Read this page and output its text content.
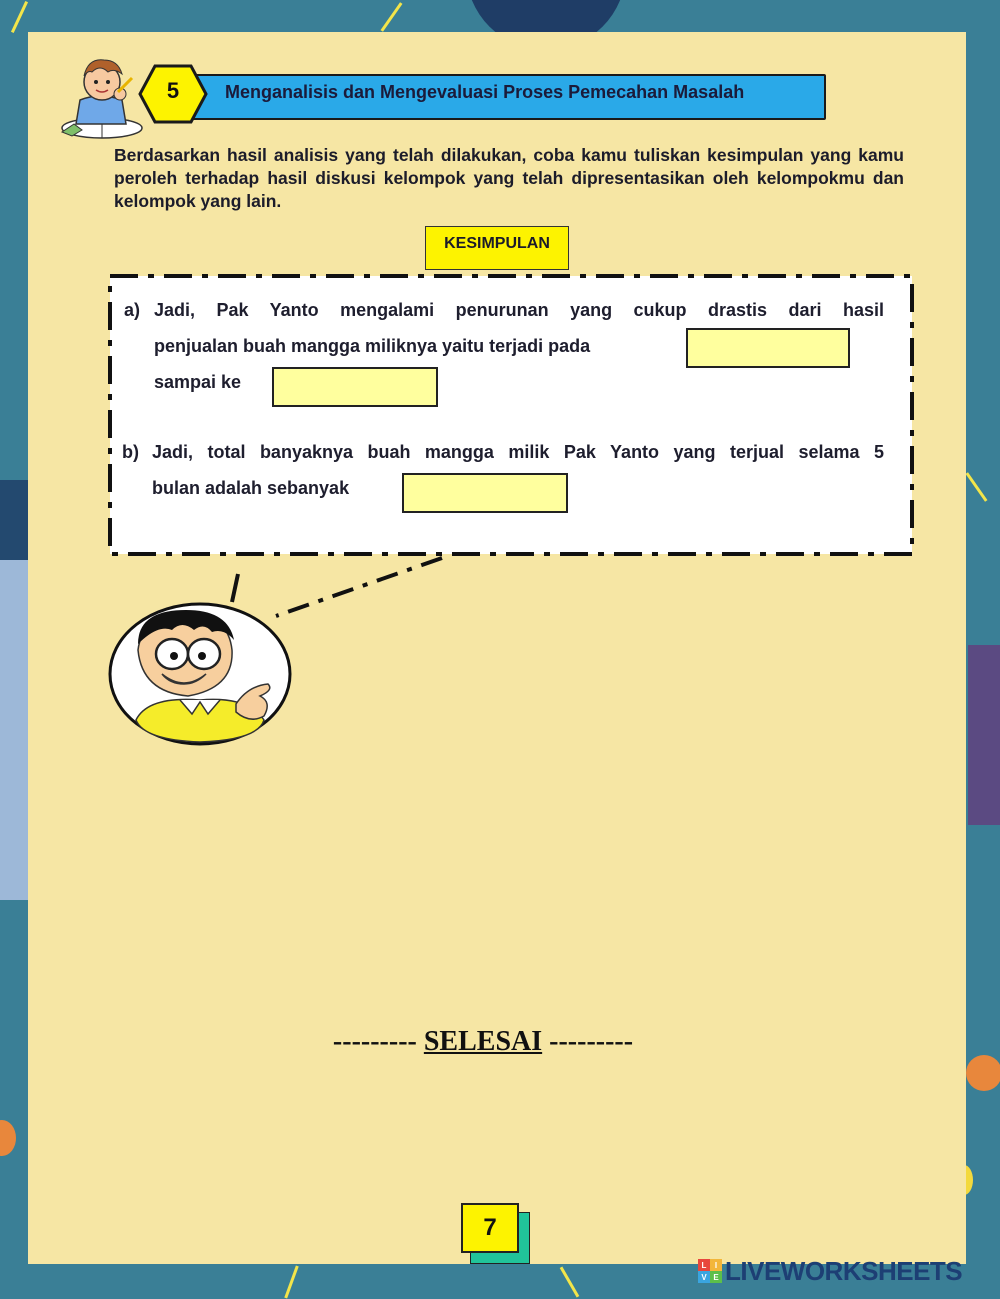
5	Menganalisis dan Mengevaluasi Proses Pemecahan Masalah
Berdasarkan hasil analisis yang telah dilakukan, coba kamu tuliskan kesimpulan yang kamu peroleh terhadap hasil diskusi kelompok yang telah dipresentasikan oleh kelompokmu dan kelompok yang lain.
KESIMPULAN
a) Jadi, Pak Yanto mengalami penurunan yang cukup drastis dari hasil
penjualan buah mangga miliknya yaitu terjadi pada
sampai ke
b) Jadi, total banyaknya buah mangga milik Pak Yanto yang terjual selama 5
bulan adalah sebanyak
--------- SELESAI ---------
7
L	I
V E LIVEWORKSHEETS
